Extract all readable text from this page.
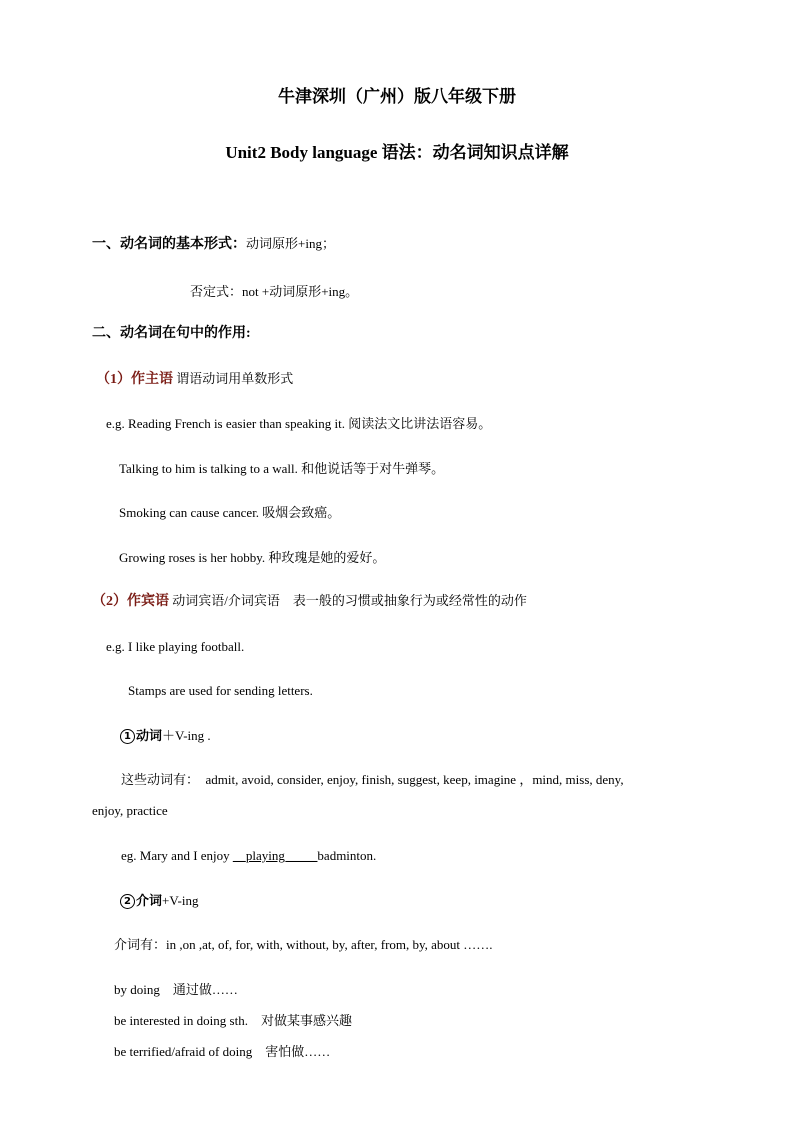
牛津深圳（广州）版八年级下册
Unit2 Body language 语法：动名词知识点详解
一、动名词的基本形式：动词原形+ing；
否定式：not +动词原形+ing。
二、动名词在句中的作用:
（1）作主语 谓语动词用单数形式
e.g. Reading French is easier than speaking it. 阅读法文比讲法语容易。
Talking to him is talking to a wall. 和他说话等于对牛弹琴。
Smoking can cause cancer. 吸烟会致癌。
Growing roses is her hobby. 种玫瑰是她的爱好。
（2）作宾语 动词宾语/介词宾语　表一般的习惯或抽象行为或经常性的动作
e.g. I like playing football.
Stamps are used for sending letters.
1 动词＋V-ing .
这些动词有：　admit, avoid, consider, enjoy, finish, suggest, keep, imagine ，mind, miss, deny,
enjoy, practice
eg. Mary and I enjoy __playing_____badminton.
2 介词+V-ing
介词有：in ,on ,at, of, for, with, without, by, after, from, by, about …….
by doing　通过做……
be interested in doing sth.　对做某事感兴趣
be terrified/afraid of doing　害怕做……
